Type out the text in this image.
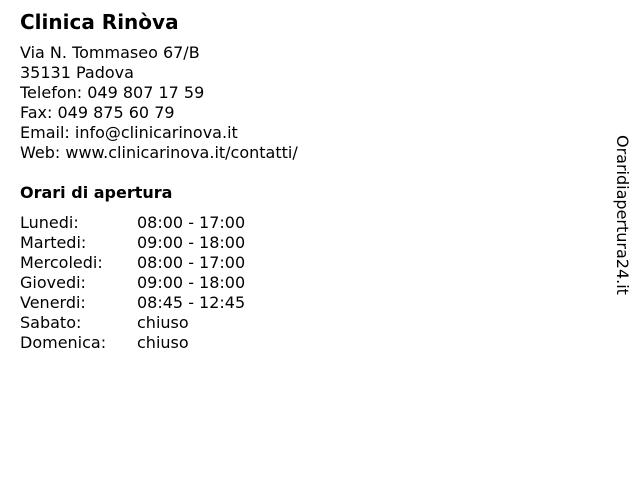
Clinica Rinòva
Via N. Tommaseo 67/B
35131 Padova
Telefon: 049 807 17 59
Fax: 049 875 60 79
Email: info@clinicarinova.it
Web: www.clinicarinova.it/contatti/
Orari di apertura
Lunedi:	08:00 - 17:00
Martedi:	09:00 - 18:00
Mercoledi: 08:00 - 17:00
Giovedi:	09:00 - 18:00
Venerdi:	08:45 - 12:45
Sabato:	chiuso
Domenica: chiuso
Oraridiapertura24.it
